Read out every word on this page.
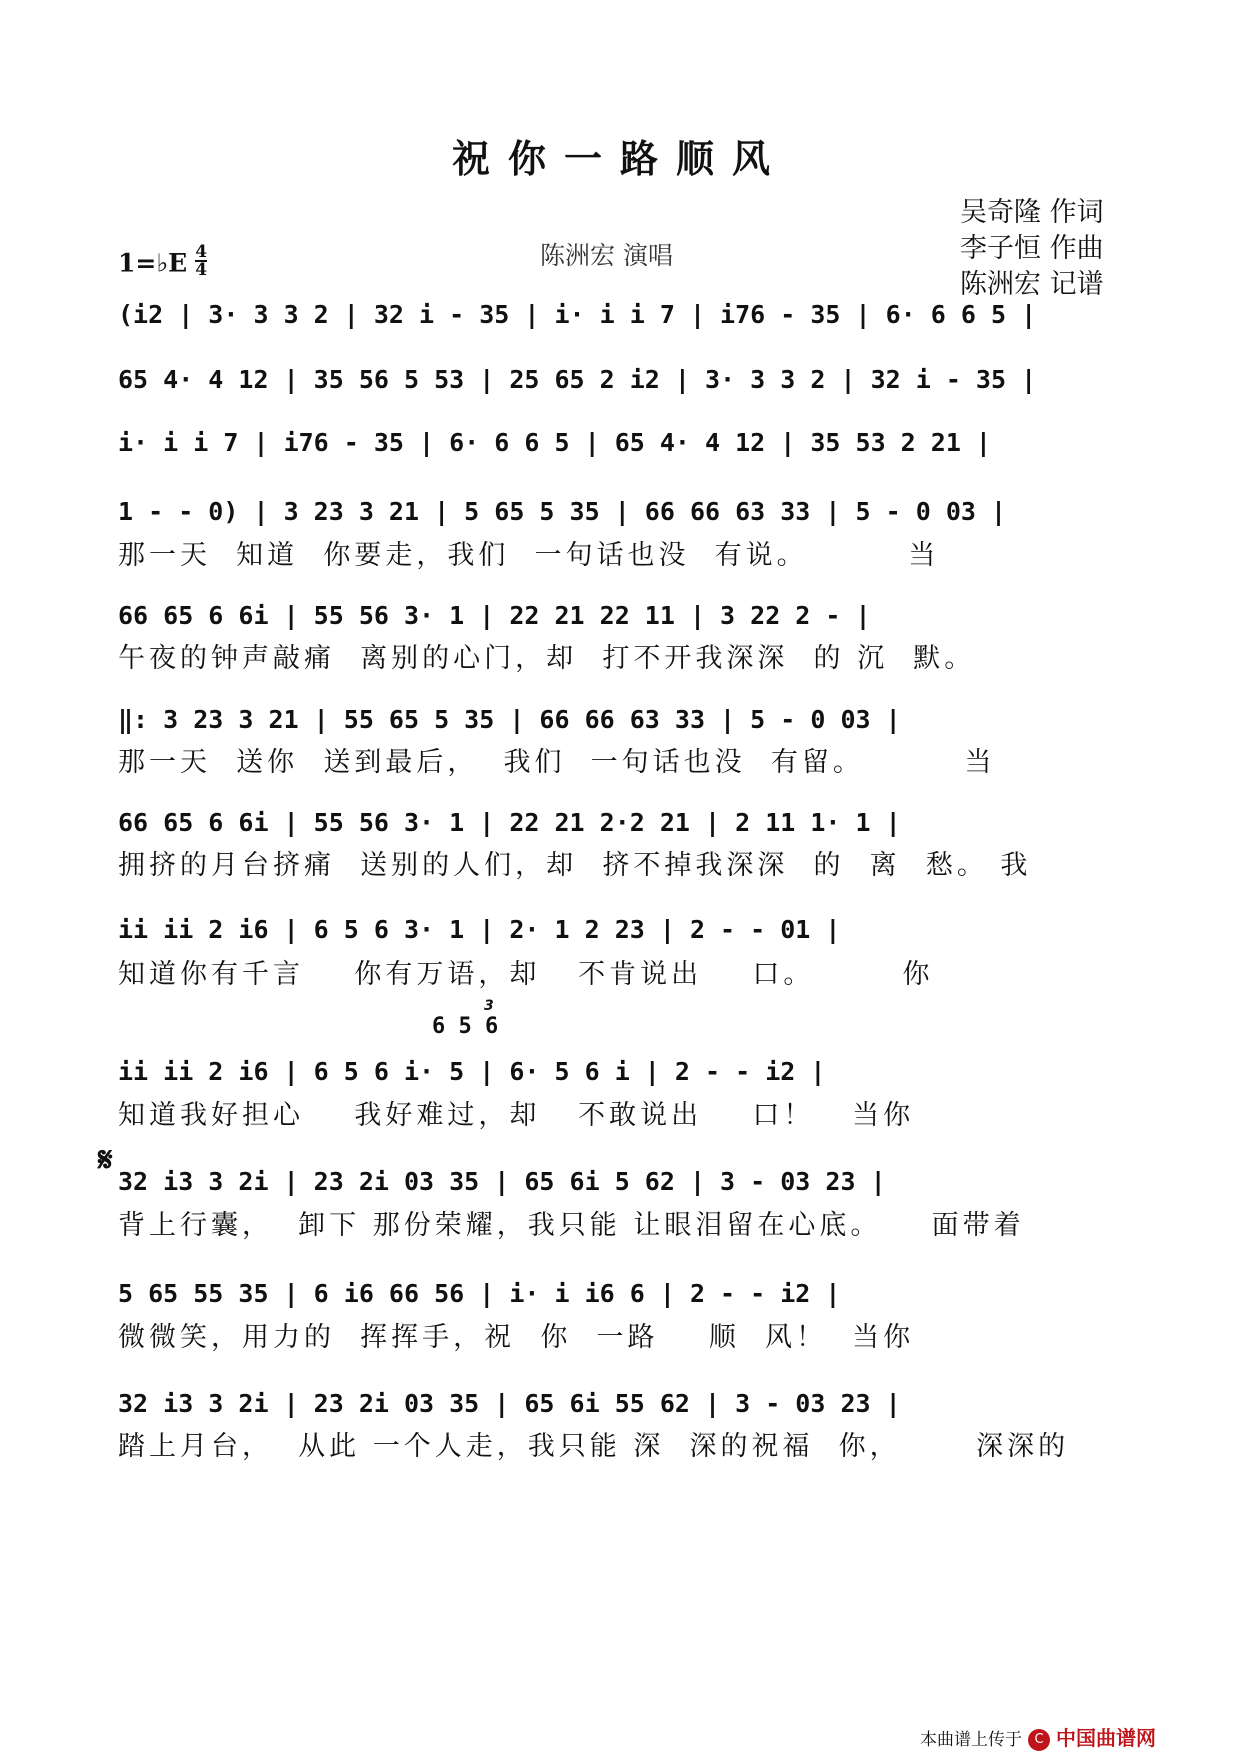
祝你一路顺风
吴奇隆 作词
李子恒 作曲
陈洲宏 记谱
陈洲宏 演唱
1=♭E $\frac{4}{4}$
(i2 | 3· 3 3 2 | 32 i - 35 | i· i i 7 | i76 - 35 | 6· 6 6 5 |
65 4· 4 12 | 35 56 5 53 | 25 65 2 i2 | 3· 3 3 2 | 32 i - 35 |
i· i i 7 | i76 - 35 | 6· 6 6 5 | 65 4· 4 12 | 35 53 2 21 |
1 - - 0) | 3 23 3 21 | 5 65 5 35 | 66 66 63 33 | 5 - 0 03 |
那一天  知道  你要走，我们  一句话也没  有说。        当
66 65 6 6i | 55 56 3· 1 | 22 21 22 11 | 3 22 2 - |
午夜的钟声敲痛  离别的心门，却  打不开我深深  的 沉  默。
‖: 3 23 3 21 | 55 65 5 35 | 66 66 63 33 | 5 - 0 03 |
那一天  送你  送到最后，  我们  一句话也没  有留。        当
66 65 6 6i | 55 56 3· 1 | 22 21 2·2 21 | 2 11 1· 1 |
拥挤的月台挤痛  送别的人们，却  挤不掉我深深  的  离  愁。 我
ii ii 2 i6 | 6 5 6 3· 1 | 2· 1 2 23 | 2 - - 01 |
知道你有千言    你有万语，却   不肯说出    口。       你
3
6 5 6
ii ii 2 i6 | 6 5 6 i· 5 | 6· 5 6 i | 2 - - i2 |
知道我好担心    我好难过，却   不敢说出    口！   当你
𝄋
32 i3 3 2i | 23 2i 03 35 | 65 6i 5 62 | 3 - 03 23 |
背上行囊，  卸下 那份荣耀，我只能 让眼泪留在心底。    面带着
5 65 55 35 | 6 i6 66 56 | i· i i6 6 | 2 - - i2 |
微微笑，用力的  挥挥手，祝  你  一路    顺  风！  当你
32 i3 3 2i | 23 2i 03 35 | 65 6i 55 62 | 3 - 03 23 |
踏上月台，  从此 一个人走，我只能 深  深的祝福  你，      深深的
本曲谱上传于 C 中国曲谱网
